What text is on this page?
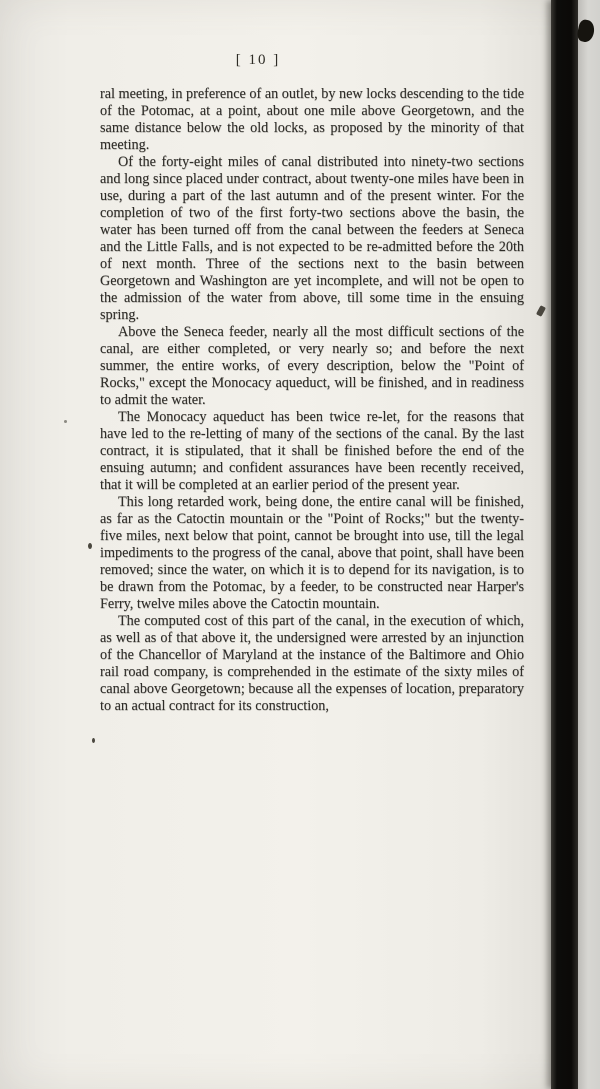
[ 10 ]

ral meeting, in preference of an outlet, by new locks descending to the tide of the Potomac, at a point, about one mile above Georgetown, and the same distance below the old locks, as proposed by the minority of that meeting.

Of the forty-eight miles of canal distributed into ninety-two sections and long since placed under contract, about twenty-one miles have been in use, during a part of the last autumn and of the present winter. For the completion of two of the first forty-two sections above the basin, the water has been turned off from the canal between the feeders at Seneca and the Little Falls, and is not expected to be re-admitted before the 20th of next month. Three of the sections next to the basin between Georgetown and Washington are yet incomplete, and will not be open to the admission of the water from above, till some time in the ensuing spring.

Above the Seneca feeder, nearly all the most difficult sections of the canal, are either completed, or very nearly so; and before the next summer, the entire works, of every description, below the "Point of Rocks," except the Monocacy aqueduct, will be finished, and in readiness to admit the water.

The Monocacy aqueduct has been twice re-let, for the reasons that have led to the re-letting of many of the sections of the canal. By the last contract, it is stipulated, that it shall be finished before the end of the ensuing autumn; and confident assurances have been recently received, that it will be completed at an earlier period of the present year.

This long retarded work, being done, the entire canal will be finished, as far as the Catoctin mountain or the "Point of Rocks;" but the twenty-five miles, next below that point, cannot be brought into use, till the legal impediments to the progress of the canal, above that point, shall have been removed; since the water, on which it is to depend for its navigation, is to be drawn from the Potomac, by a feeder, to be constructed near Harper's Ferry, twelve miles above the Catoctin mountain.

The computed cost of this part of the canal, in the execution of which, as well as of that above it, the undersigned were arrested by an injunction of the Chancellor of Maryland at the instance of the Baltimore and Ohio rail road company, is comprehended in the estimate of the sixty miles of canal above Georgetown; because all the expenses of location, preparatory to an actual contract for its construction,
